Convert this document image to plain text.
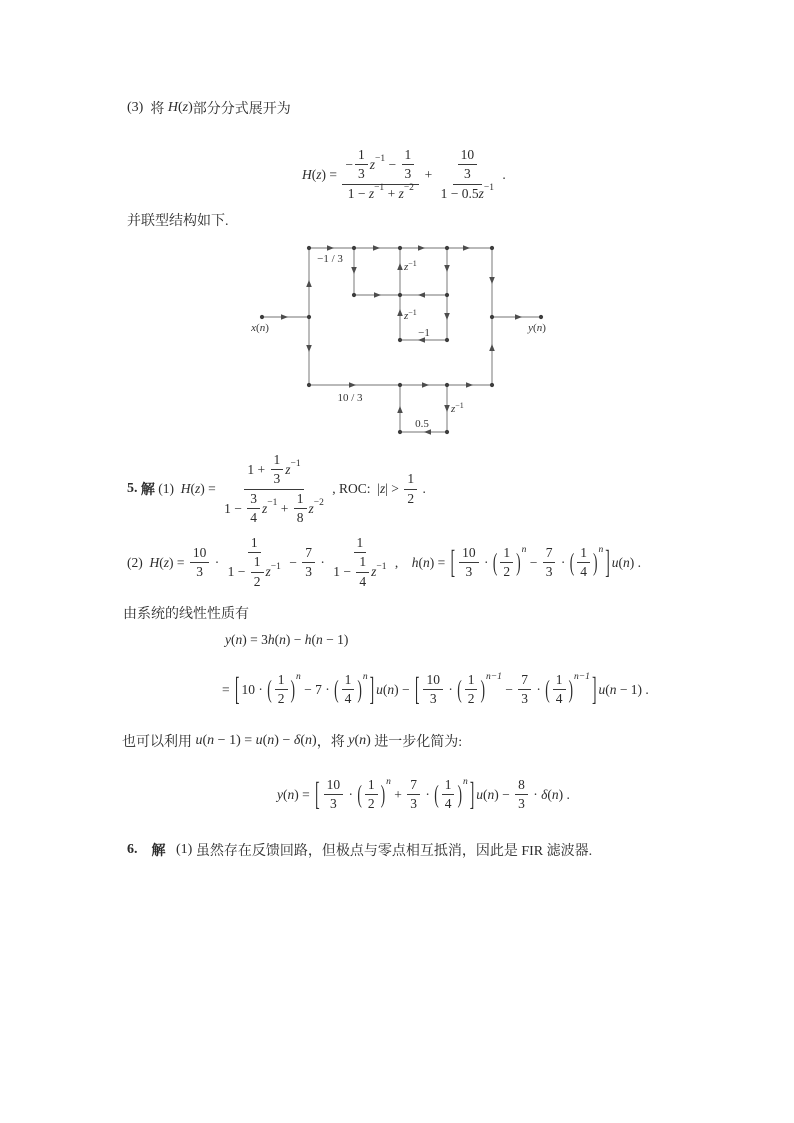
(3) 将
H ( z ) 部分分式展开为
H ( z ) = $\frac{- \frac{1}{3} z -1 - \frac{1}{3}}{1 - z -1 + z -2} + 10$
3
1 − 0.5 z −1 .
并联型结构如下.
−1 / 3
$z^{-1}$
$z^{-1}$
−1
x(n)	y(n)
10 / 3
$z^{-1}$
0.5
5.
解 (1) H ( z ) = $\frac{1 + \frac{1}{3} z -1}{1 - \frac{3}{4} z -1 + \frac{1}{8} z -2}$ , ROC:  | z | >
1
2
.
(2) H ( z ) = $\frac{10}{3}$ ·
1
$1 - \frac{1}{2}$ $z -1 - \frac{7}{3}$ ·
1
$1 - \frac{1}{4}$ z −1 , h ( n ) = [ 10
3
· ( 1
2 ) n
− $\frac{7}{3}$ · ( 1
4 ) n ] u ( n ) .
由系统的线性性质有
y ( n ) = 3 h ( n ) − h ( n − 1)
= [ 10 · ( 1
2 ) n
− 7 · ( 1
4 ) n ] u ( n ) − [ 10
3
· ( 1
2 ) n−1
− $\frac{7}{3}$ · ( 1
4 ) n−1 ] u ( n − 1) .
也可以利用 u ( n − 1) = u ( n ) − δ ( n ) ，将 y ( n ) 进一步化简为:
y ( n ) = [ 10
3
· ( 1
2 ) n
+ $\frac{7}{3}$ · ( 1
4 ) n ] u ( n ) − $\frac{8}{3} \cdot \delta$ ( n ) .
6.
解 (1) 虽然存在反馈回路，但极点与零点相互抵消，因此是 FIR 滤波器.
